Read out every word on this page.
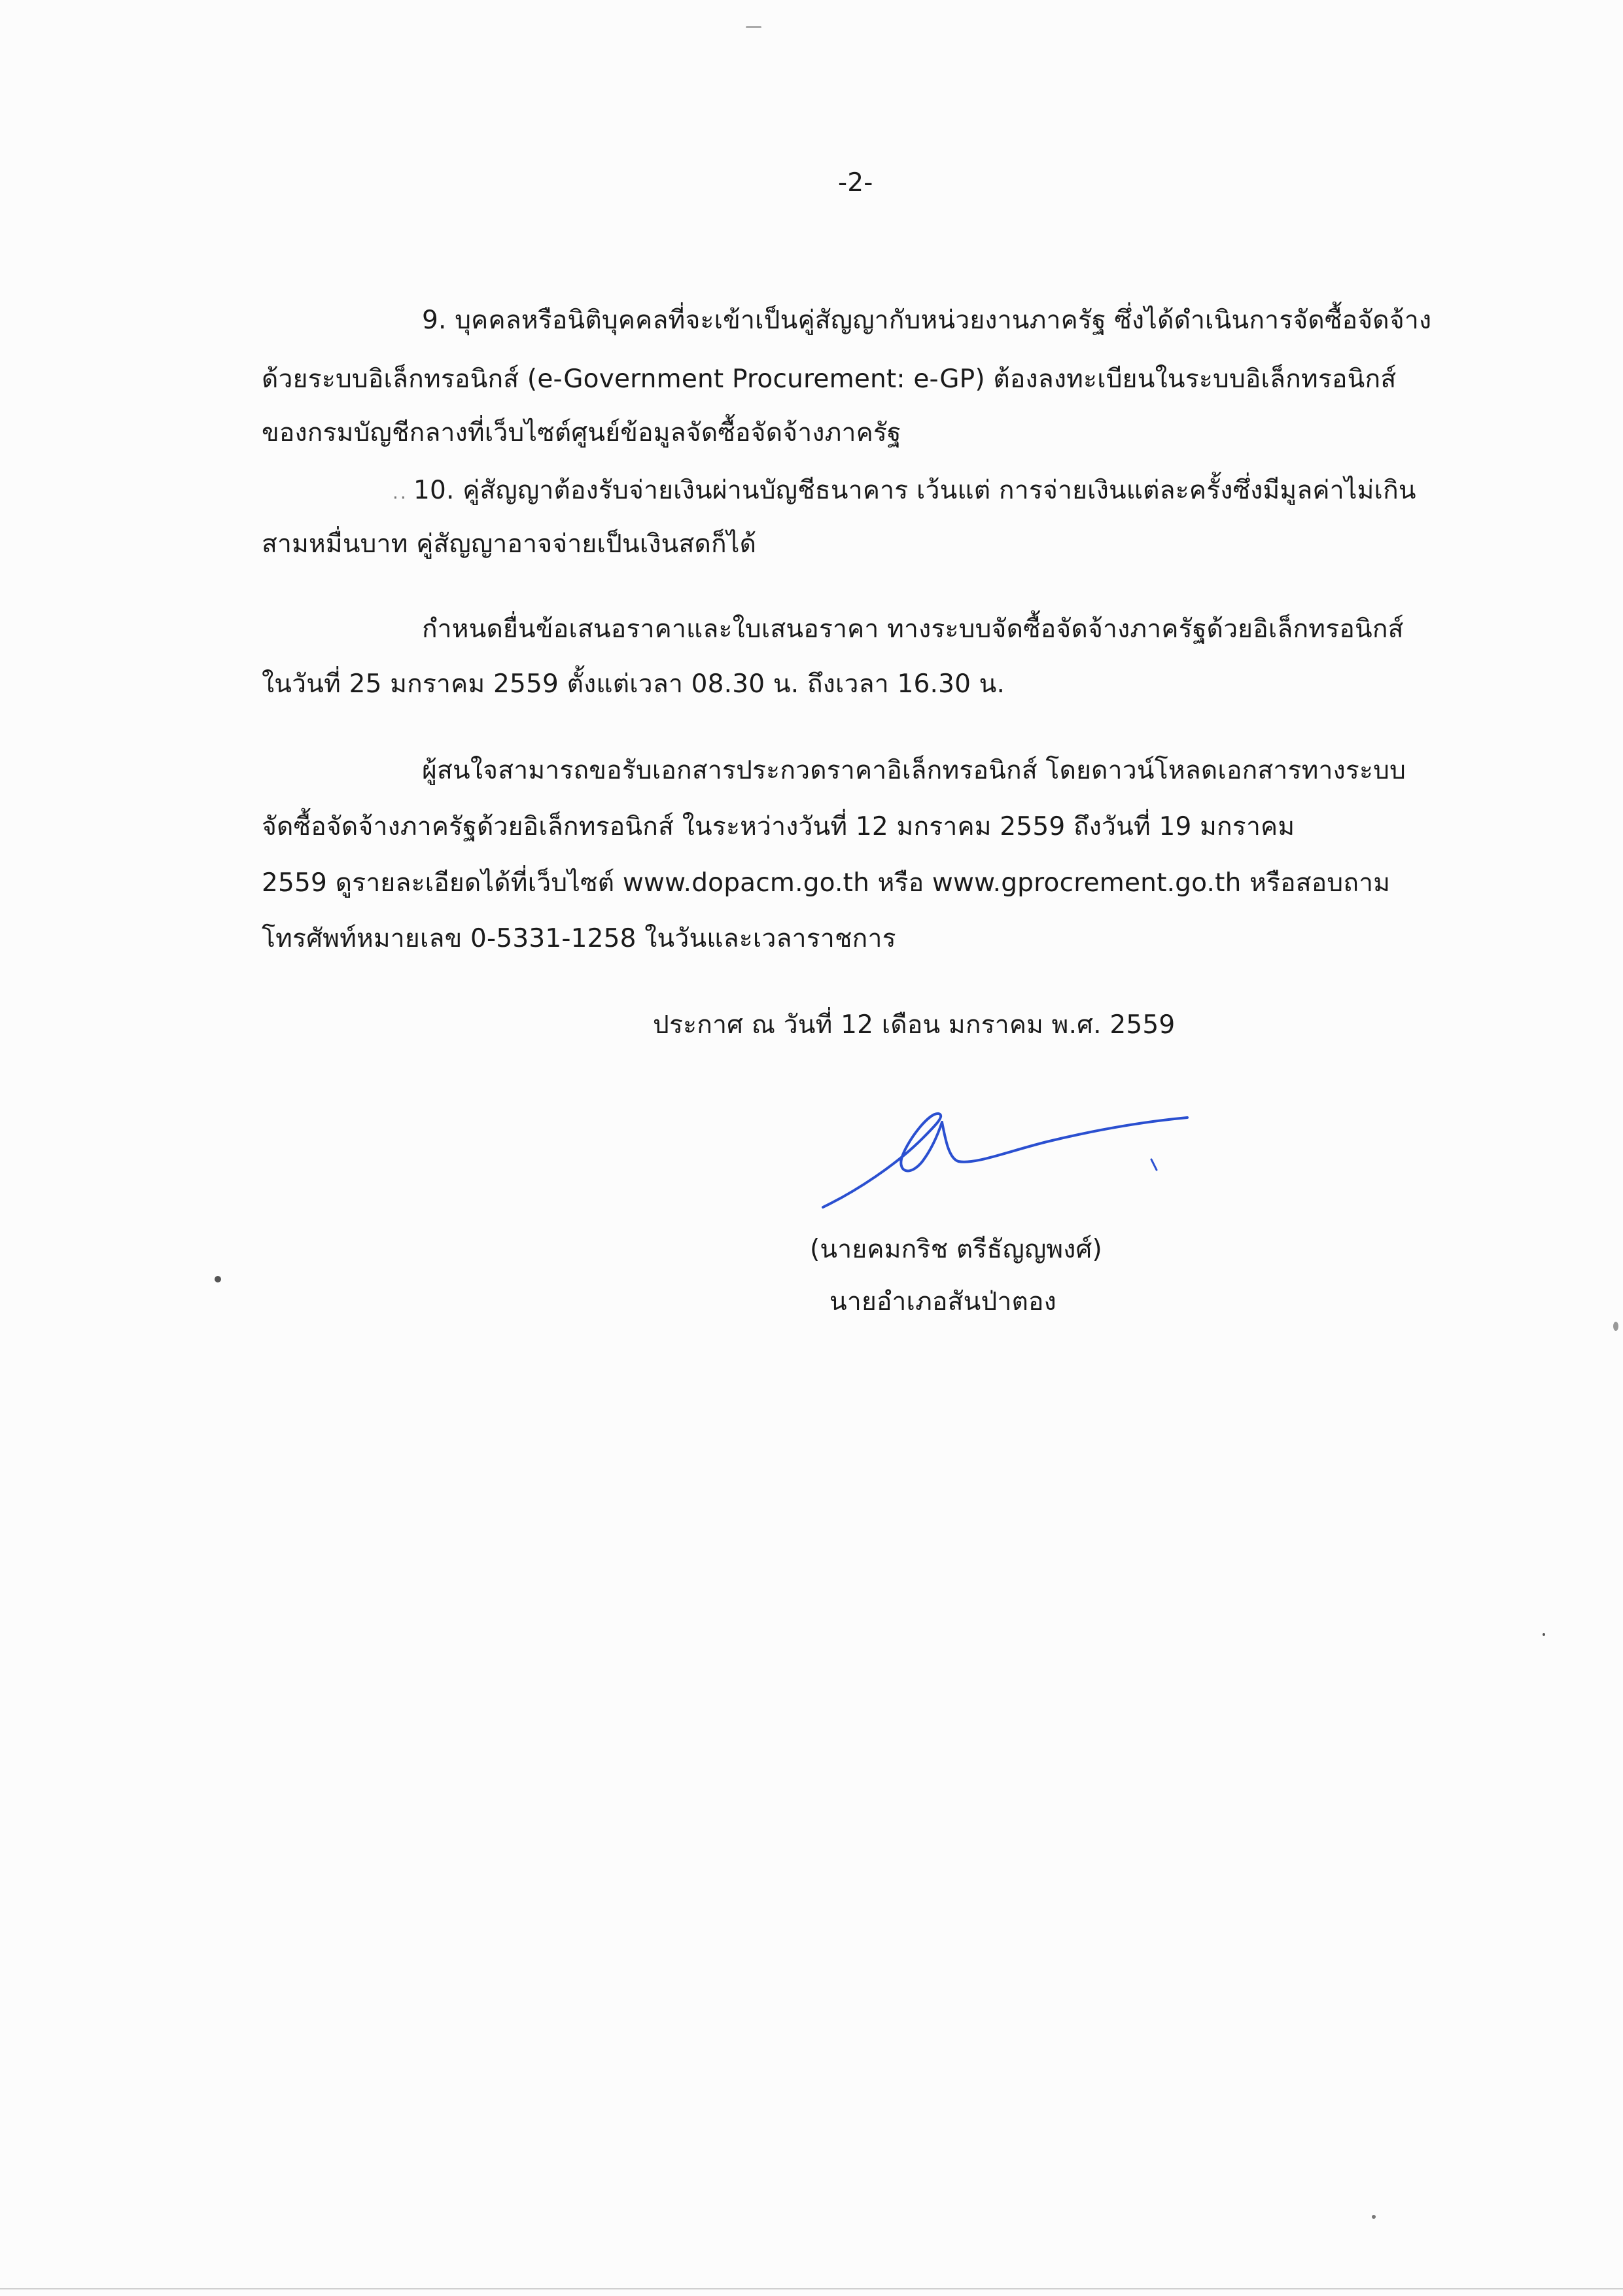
-2-
9. บุคคลหรือนิติบุคคลที่จะเข้าเป็นคู่สัญญากับหน่วยงานภาครัฐ ซึ่งได้ดำเนินการจัดซื้อจัดจ้าง
ด้วยระบบอิเล็กทรอนิกส์ (e-Government Procurement: e-GP) ต้องลงทะเบียนในระบบอิเล็กทรอนิกส์
ของกรมบัญชีกลางที่เว็บไซต์ศูนย์ข้อมูลจัดซื้อจัดจ้างภาครัฐ
.. 10. คู่สัญญาต้องรับจ่ายเงินผ่านบัญชีธนาคาร เว้นแต่ การจ่ายเงินแต่ละครั้งซึ่งมีมูลค่าไม่เกิน
สามหมื่นบาท คู่สัญญาอาจจ่ายเป็นเงินสดก็ได้
กำหนดยื่นข้อเสนอราคาและใบเสนอราคา ทางระบบจัดซื้อจัดจ้างภาครัฐด้วยอิเล็กทรอนิกส์
ในวันที่ 25 มกราคม 2559 ตั้งแต่เวลา 08.30 น. ถึงเวลา 16.30 น.
ผู้สนใจสามารถขอรับเอกสารประกวดราคาอิเล็กทรอนิกส์ โดยดาวน์โหลดเอกสารทางระบบ
จัดซื้อจัดจ้างภาครัฐด้วยอิเล็กทรอนิกส์ ในระหว่างวันที่ 12 มกราคม 2559 ถึงวันที่ 19 มกราคม
2559 ดูรายละเอียดได้ที่เว็บไซต์ www.dopacm.go.th หรือ www.gprocrement.go.th หรือสอบถาม
โทรศัพท์หมายเลข 0-5331-1258 ในวันและเวลาราชการ
ประกาศ ณ วันที่ 12 เดือน มกราคม พ.ศ. 2559
(นายคมกริช ตรีธัญญพงศ์)
นายอำเภอสันป่าตอง
